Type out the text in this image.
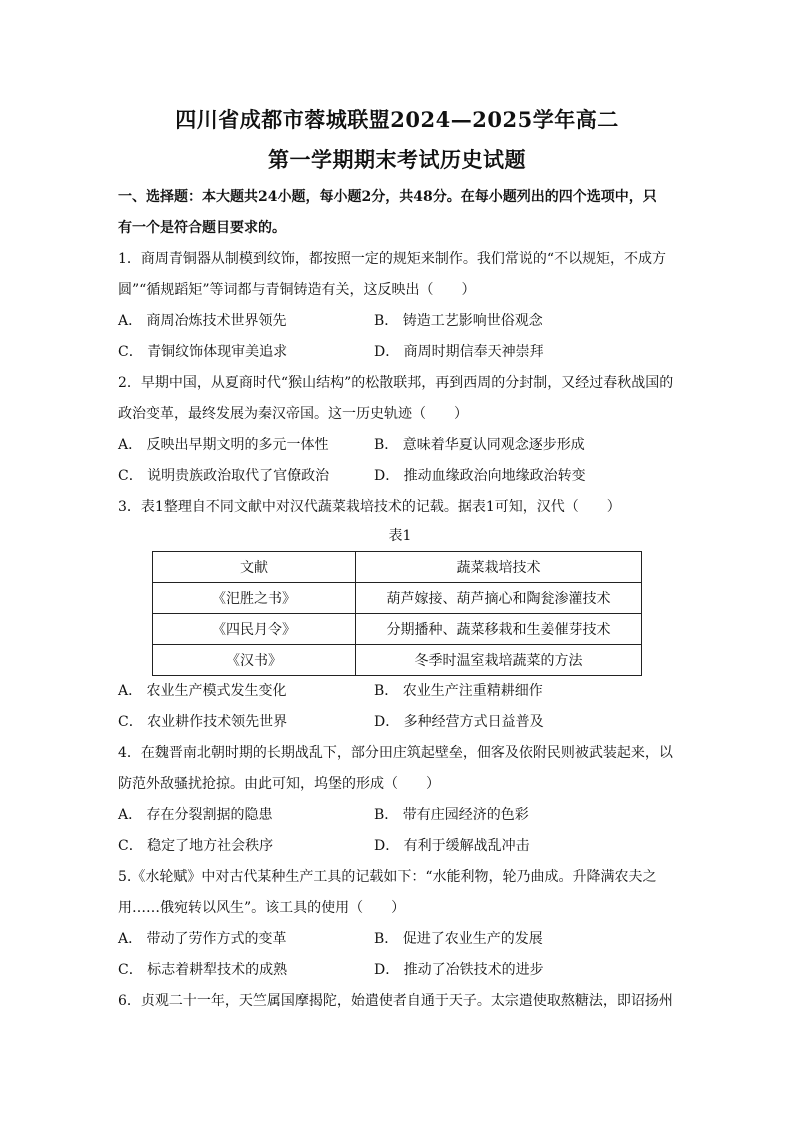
四川省成都市蓉城联盟2024—2025学年高二
第一学期期末考试历史试题
一、选择题：本大题共24小题，每小题2分，共48分。在每小题列出的四个选项中，只
有一个是符合题目要求的。
1．商周青铜器从制模到纹饰，都按照一定的规矩来制作。我们常说的“不以规矩，不成方
圆”“循规蹈矩”等词都与青铜铸造有关，这反映出（　　）
A． 商周冶炼技术世界领先	B． 铸造工艺影响世俗观念
C． 青铜纹饰体现审美追求	D． 商周时期信奉天神崇拜
2．早期中国，从夏商时代“猴山结构”的松散联邦，再到西周的分封制，又经过春秋战国的
政治变革，最终发展为秦汉帝国。这一历史轨迹（　　）
A． 反映出早期文明的多元一体性	B． 意味着华夏认同观念逐步形成
C． 说明贵族政治取代了官僚政治	D． 推动血缘政治向地缘政治转变
3．表1整理自不同文献中对汉代蔬菜栽培技术的记载。据表1可知，汉代（　　）
表1
文献	蔬菜栽培技术
《汜胜之书》	葫芦嫁接、葫芦摘心和陶瓮渗灌技术
《四民月令》	分期播种、蔬菜移栽和生姜催芽技术
《汉书》	冬季时温室栽培蔬菜的方法
A． 农业生产模式发生变化	B． 农业生产注重精耕细作
C． 农业耕作技术领先世界	D． 多种经营方式日益普及
4．在魏晋南北朝时期的长期战乱下，部分田庄筑起壁垒，佃客及依附民则被武装起来，以
防范外敌骚扰抢掠。由此可知，坞堡的形成（　　）
A． 存在分裂割据的隐患	B． 带有庄园经济的色彩
C． 稳定了地方社会秩序	D． 有利于缓解战乱冲击
5.《水轮赋》中对古代某种生产工具的记载如下：“水能利物，轮乃曲成。升降满农夫之
用……俄宛转以风生”。该工具的使用（　　）
A． 带动了劳作方式的变革	B． 促进了农业生产的发展
C． 标志着耕犁技术的成熟	D． 推动了冶铁技术的进步
6．贞观二十一年，天竺属国摩揭陀，始遣使者自通于天子。太宗遣使取熬糖法，即诏扬州
